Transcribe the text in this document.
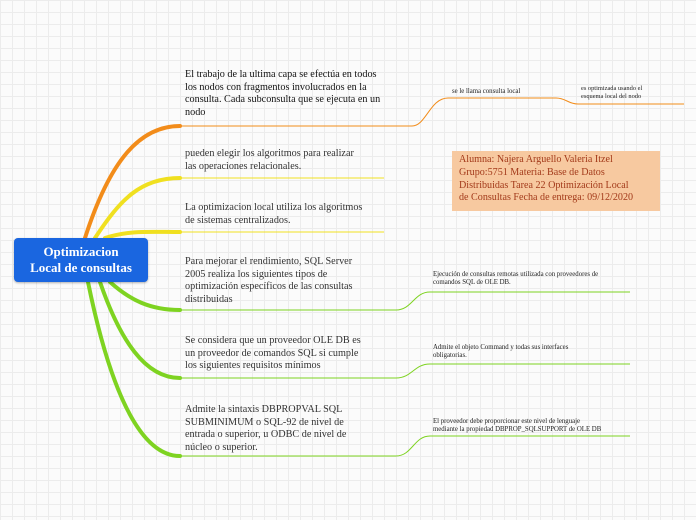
Optimizacion
Local de consultas
El trabajo de la ultima capa se efectúa en todos
los nodos con fragmentos involucrados en la
consulta. Cada subconsulta que se ejecuta en un
nodo
pueden elegir los algoritmos para realizar
las operaciones relacionales.
La optimizacion local utiliza los algoritmos
de sistemas centralizados.
Para mejorar el rendimiento, SQL Server
2005 realiza los siguientes tipos de
optimización específicos de las consultas
distribuidas
Se considera que un proveedor OLE DB es
un proveedor de comandos SQL si cumple
los siguientes requisitos mínimos
Admite la sintaxis DBPROPVAL SQL
SUBMINIMUM o SQL-92 de nivel de
entrada o superior, u ODBC de nivel de
núcleo o superior.
se le llama consulta local	es optimizada usando el
esquema local del nodo
Ejecución de consultas remotas utilizada con proveedores de
comandos SQL de OLE DB.
Admite el objeto Command y todas sus interfaces
obligatorias.
El proveedor debe proporcionar este nivel de lenguaje
mediante la propiedad DBPROP_SQLSUPPORT de OLE DB
Alumna: Najera Arguello Valeria Itzel
Grupo:5751 Materia: Base de Datos
Distribuidas Tarea 22 Optimización Local
de Consultas Fecha de entrega: 09/12/2020
